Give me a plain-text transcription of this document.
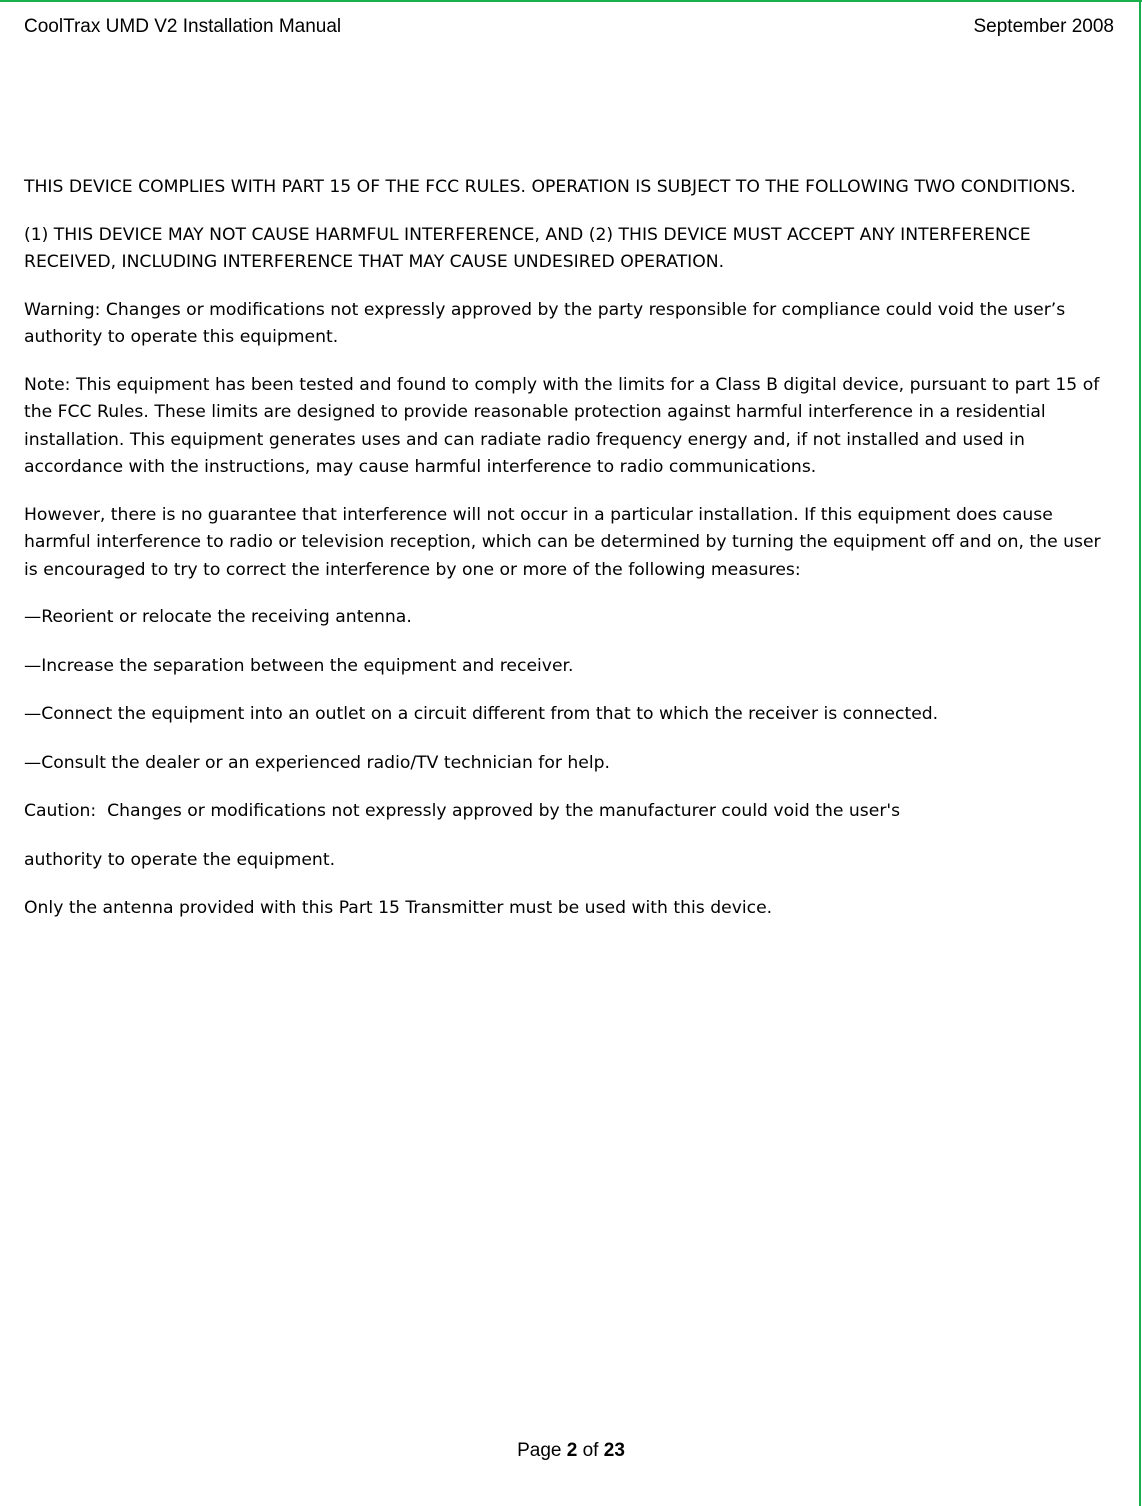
CoolTrax UMD V2 Installation Manual	September 2008

THIS DEVICE COMPLIES WITH PART 15 OF THE FCC RULES. OPERATION IS SUBJECT TO THE FOLLOWING TWO CONDITIONS.

(1) THIS DEVICE MAY NOT CAUSE HARMFUL INTERFERENCE, AND (2) THIS DEVICE MUST ACCEPT ANY INTERFERENCE RECEIVED, INCLUDING INTERFERENCE THAT MAY CAUSE UNDESIRED OPERATION.

Warning: Changes or modifications not expressly approved by the party responsible for compliance could void the user’s authority to operate this equipment.

Note: This equipment has been tested and found to comply with the limits for a Class B digital device, pursuant to part 15 of the FCC Rules. These limits are designed to provide reasonable protection against harmful interference in a residential installation. This equipment generates uses and can radiate radio frequency energy and, if not installed and used in accordance with the instructions, may cause harmful interference to radio communications.

However, there is no guarantee that interference will not occur in a particular installation. If this equipment does cause harmful interference to radio or television reception, which can be determined by turning the equipment off and on, the user is encouraged to try to correct the interference by one or more of the following measures:

—Reorient or relocate the receiving antenna.

—Increase the separation between the equipment and receiver.

—Connect the equipment into an outlet on a circuit different from that to which the receiver is connected.

—Consult the dealer or an experienced radio/TV technician for help.

Caution:  Changes or modifications not expressly approved by the manufacturer could void the user's

authority to operate the equipment.

Only the antenna provided with this Part 15 Transmitter must be used with this device.

Page 2 of 23
